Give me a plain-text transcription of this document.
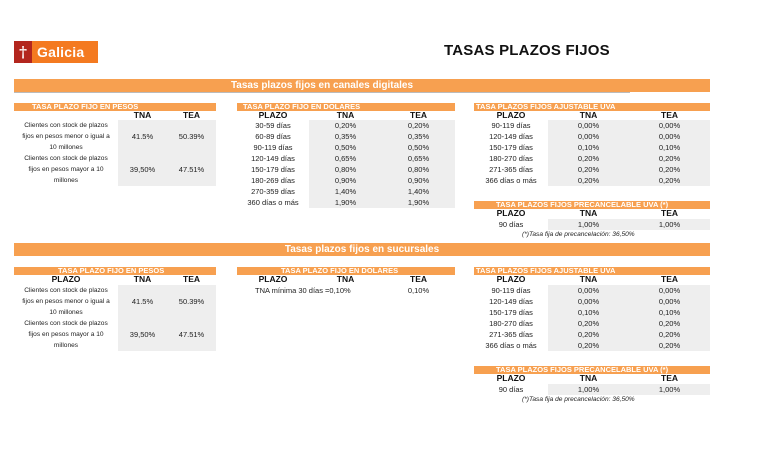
† Galicia	TASAS PLAZOS FIJOS
Tasas plazos fijos en canales digitales
TASA PLAZO FIJO EN PESOS
TNA	TEA
Clientes con stock de plazos
fijos en pesos menor o igual a
10 millones
41.5%	50.39%
Clientes con stock de plazos
fijos en pesos mayor a 10
millones
39,50%	47.51%
TASA PLAZO FIJO EN DOLARES
PLAZO	TNA	TEA
30-59 días	0,20%	0,20%
60-89 días	0,35%	0,35%
90-119 días	0,50%	0,50%
120-149 días	0,65%	0,65%
150-179 días	0,80%	0,80%
180-269 días	0,90%	0,90%
270-359 días	1,40%	1,40%
360 días o más	1,90%	1,90%
TASA PLAZOS FIJOS AJUSTABLE UVA
PLAZO	TNA	TEA
90-119 días	0,00%	0,00%
120-149 días	0,00%	0,00%
150-179 días	0,10%	0,10%
180-270 días	0,20%	0,20%
271-365 días	0,20%	0,20%
366 días o más	0,20%	0,20%
TASA PLAZOS FIJOS PRECANCELABLE UVA (*)
PLAZO	TNA	TEA
90 días	1,00%	1,00%
(*)Tasa fija de precancelación: 36,50%
Tasas plazos fijos en sucursales
TASA PLAZO FIJO EN PESOS
PLAZO	TNA	TEA
Clientes con stock de plazos
fijos en pesos menor o igual a
10 millones
41.5%	50.39%
Clientes con stock de plazos
fijos en pesos mayor a 10
millones
39,50%	47.51%
TASA PLAZO FIJO EN DOLARES
PLAZO	TNA	TEA
TNA mínima 30 días =0,10%	0,10%
TASA PLAZOS FIJOS AJUSTABLE UVA
PLAZO	TNA	TEA
90-119 días	0,00%	0,00%
120-149 días	0,00%	0,00%
150-179 días	0,10%	0,10%
180-270 días	0,20%	0,20%
271-365 días	0,20%	0,20%
366 días o más	0,20%	0,20%
TASA PLAZOS FIJOS PRECANCELABLE UVA (*)
PLAZO	TNA	TEA
90 días	1,00%	1,00%
(*)Tasa fija de precancelación: 36,50%
